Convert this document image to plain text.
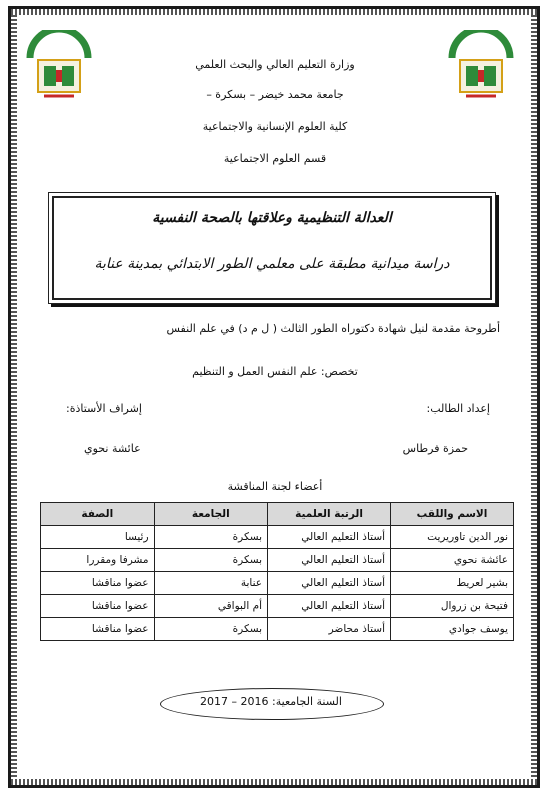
وزارة التعليم العالي والبحث العلمي
جامعة محمد خيضر – بسكرة –
كلية العلوم الإنسانية والاجتماعية
قسم العلوم الاجتماعية
العدالة التنظيمية وعلاقتها بالصحة النفسية
دراسة ميدانية مطبقة على معلمي الطور الابتدائي بمدينة عنابة
أطروحة مقدمة لنيل شهادة دكتوراه الطور الثالث ( ل م د) في علم النفس
تخصص: علم النفس العمل و التنظيم
إعداد الطالب:
إشراف الأستاذة:
حمزة فرطاس
عائشة نحوي
أعضاء لجنة المناقشة
الاسم واللقب	الرتبة العلمية	الجامعة	الصفة
نور الدين تاوريريت	أستاذ التعليم العالي	بسكرة	رئيسا
عائشة نحوي	أستاذ التعليم العالي	بسكرة	مشرفا ومقررا
بشير لعريط	أستاذ التعليم العالي	عنابة	عضوا مناقشا
فتيحة بن زروال	أستاذ التعليم العالي	أم البواقي	عضوا مناقشا
يوسف جوادي	أستاذ محاضر	بسكرة	عضوا مناقشا
السنة الجامعية: 2016 – 2017
